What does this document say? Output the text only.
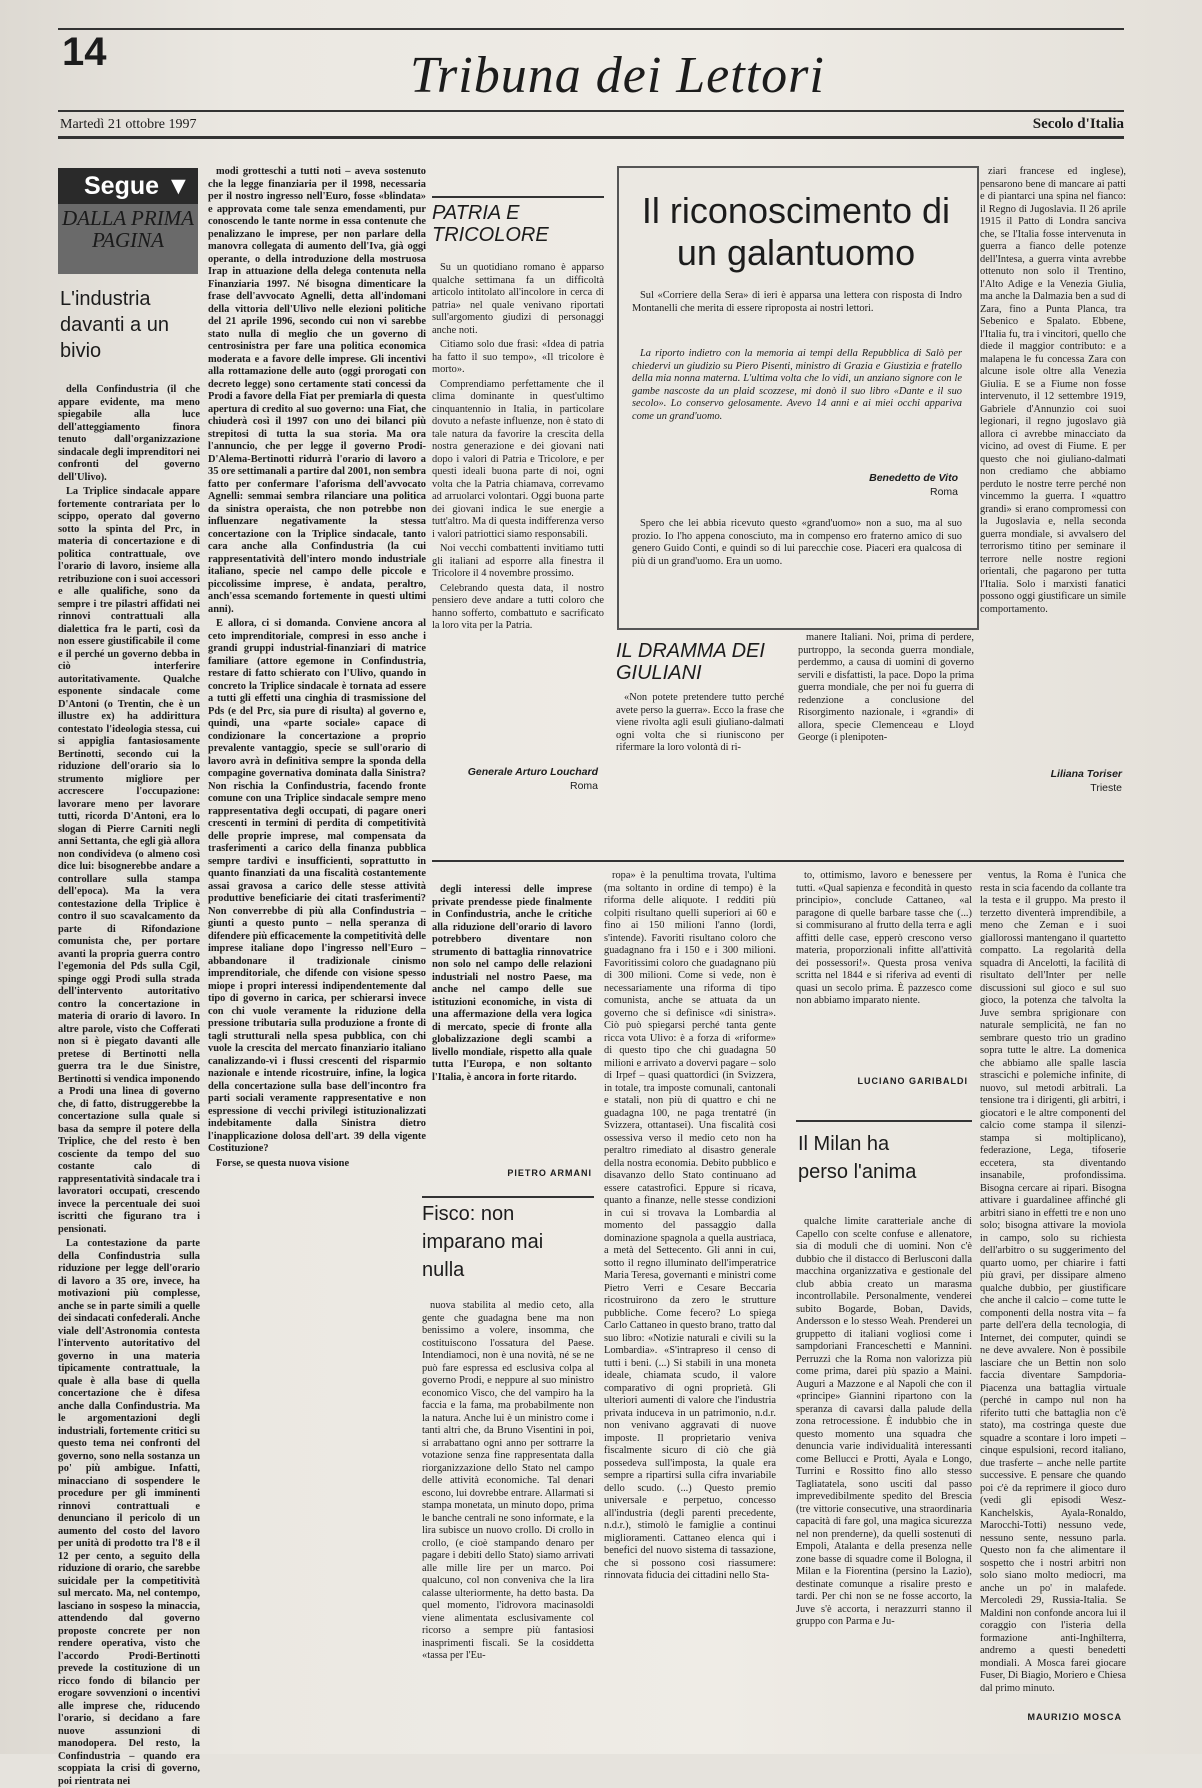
14	Tribuna dei Lettori
Martedì 21 ottobre 1997	Secolo d'Italia
Segue ▼
DALLA PRIMA PAGINA
L'industria davanti a un bivio

della Confindustria (il che appare evidente, ma meno spiegabile alla luce dell'atteggiamento finora tenuto dall'organizzazione sindacale degli imprenditori nei confronti del governo dell'Ulivo).

La Triplice sindacale appare fortemente contrariata per lo scippo, operato dal governo sotto la spinta del Prc, in materia di concertazione e di politica contrattuale, ove l'orario di lavoro, insieme alla retribuzione con i suoi accessori e alle qualifiche, sono da sempre i tre pilastri affidati nei rinnovi contrattuali alla dialettica fra le parti, così da non essere giustificabile il come e il perché un governo debba in ciò interferire autoritativamente. Qualche esponente sindacale come D'Antoni (o Trentin, che è un illustre ex) ha addirittura contestato l'ideologia stessa, cui si appiglia fantasiosamente Bertinotti, secondo cui la riduzione dell'orario sia lo strumento migliore per accrescere l'occupazione: lavorare meno per lavorare tutti, ricorda D'Antoni, era lo slogan di Pierre Carniti negli anni Settanta, che egli già allora non condivideva (o almeno così dice lui: bisognerebbe andare a controllare sulla stampa dell'epoca). Ma la vera contestazione della Triplice è contro il suo scavalcamento da parte di Rifondazione comunista che, per portare avanti la propria guerra contro l'egemonia del Pds sulla Cgil, spinge oggi Prodi sulla strada dell'intervento autoritativo contro la concertazione in materia di orario di lavoro. In altre parole, visto che Cofferati non si è piegato davanti alle pretese di Bertinotti nella guerra tra le due Sinistre, Bertinotti si vendica imponendo a Prodi una linea di governo che, di fatto, distruggerebbe la concertazione sulla quale si basa da sempre il potere della Triplice, che del resto è ben cosciente da tempo del suo costante calo di rappresentatività sindacale tra i lavoratori occupati, crescendo invece la percentuale dei suoi iscritti che figurano tra i pensionati.

La contestazione da parte della Confindustria sulla riduzione per legge dell'orario di lavoro a 35 ore, invece, ha motivazioni più complesse, anche se in parte simili a quelle dei sindacati confederali. Anche viale dell'Astronomia contesta l'intervento autoritativo del governo in una materia tipicamente contrattuale, la quale è alla base di quella concertazione che è difesa anche dalla Confindustria. Ma le argomentazioni degli industriali, fortemente critici su questo tema nei confronti del governo, sono nella sostanza un po' più ambigue. Infatti, minacciano di sospendere le procedure per gli imminenti rinnovi contrattuali e denunciano il pericolo di un aumento del costo del lavoro per unità di prodotto tra l'8 e il 12 per cento, a seguito della riduzione di orario, che sarebbe suicidale per la competitività sul mercato. Ma, nel contempo, lasciano in sospeso la minaccia, attendendo dal governo proposte concrete per non rendere operativa, visto che l'accordo Prodi-Bertinotti prevede la costituzione di un ricco fondo di bilancio per erogare sovvenzioni o incentivi alle imprese che, riducendo l'orario, si decidano a fare nuove assunzioni di manodopera. Del resto, la Confindustria – quando era scoppiata la crisi di governo, poi rientrata nei

modi grotteschi a tutti noti – aveva sostenuto che la legge finanziaria per il 1998, necessaria per il nostro ingresso nell'Euro, fosse «blindata» e approvata come tale senza emendamenti, pur conoscendo le tante norme in essa contenute che penalizzano le imprese, per non parlare della manovra collegata di aumento dell'Iva, già oggi operante, o della introduzione della mostruosa Irap in attuazione della delega contenuta nella Finanziaria 1997. Né bisogna dimenticare la frase dell'avvocato Agnelli, detta all'indomani della vittoria dell'Ulivo nelle elezioni politiche del 21 aprile 1996, secondo cui non vi sarebbe stato nulla di meglio che un governo di centrosinistra per fare una politica economica moderata e a favore delle imprese. Gli incentivi alla rottamazione delle auto (oggi prorogati con decreto legge) sono certamente stati concessi da Prodi a favore della Fiat per premiarla di questa apertura di credito al suo governo: una Fiat, che chiuderà così il 1997 con uno dei bilanci più strepitosi di tutta la sua storia. Ma ora l'annuncio, che per legge il governo Prodi-D'Alema-Bertinotti ridurrà l'orario di lavoro a 35 ore settimanali a partire dal 2001, non sembra fatto per confermare l'aforisma dell'avvocato Agnelli: semmai sembra rilanciare una politica da sinistra operaista, che non potrebbe non influenzare negativamente la stessa concertazione con la Triplice sindacale, tanto cara anche alla Confindustria (la cui rappresentatività dell'intero mondo industriale italiano, specie nel campo delle piccole e piccolissime imprese, è andata, peraltro, anch'essa scemando fortemente in questi ultimi anni).

E allora, ci si domanda. Conviene ancora al ceto imprenditoriale, compresi in esso anche i grandi gruppi industrial-finanziari di matrice familiare (attore egemone in Confindustria, restare di fatto schierato con l'Ulivo, quando in concreto la Triplice sindacale è tornata ad essere a tutti gli effetti una cinghia di trasmissione del Pds (e del Prc, sia pure di risulta) al governo e, quindi, una «parte sociale» capace di condizionare la concertazione a proprio prevalente vantaggio, specie se sull'orario di lavoro avrà in definitiva sempre la sponda della compagine governativa dominata dalla Sinistra? Non rischia la Confindustria, facendo fronte comune con una Triplice sindacale sempre meno rappresentativa degli occupati, di pagare oneri crescenti in termini di perdita di competitività delle proprie imprese, mal compensata da trasferimenti a carico della finanza pubblica sempre tardivi e insufficienti, soprattutto in quanto finanziati da una fiscalità costantemente assai gravosa a carico delle stesse attività produttive beneficiarie dei citati trasferimenti? Non converrebbe di più alla Confindustria – giunti a questo punto – nella speranza di difendere più efficacemente la competitività delle imprese italiane dopo l'ingresso nell'Euro – abbandonare il tradizionale cinismo imprenditoriale, che difende con visione spesso miope i propri interessi indipendentemente dal tipo di governo in carica, per schierarsi invece con chi vuole veramente la riduzione della pressione tributaria sulla produzione a fronte di tagli strutturali nella spesa pubblica, con chi vuole la crescita del mercato finanziario italiano canalizzando-vi i flussi crescenti del risparmio nazionale e intende ricostruire, infine, la logica della concertazione sulla base dell'incontro fra parti sociali veramente rappresentative e non espressione di vecchi privilegi istituzionalizzati indebitamente dalla Sinistra dietro l'inapplicazione dolosa dell'art. 39 della vigente Costituzione?

Forse, se questa nuova visione

degli interessi delle imprese private prendesse piede finalmente in Confindustria, anche le critiche alla riduzione dell'orario di lavoro potrebbero diventare non strumento di battaglia rinnovatrice non solo nel campo delle relazioni industriali nel nostro Paese, ma anche nel campo delle sue istituzioni economiche, in vista di una affermazione della vera logica di mercato, specie di fronte alla globalizzazione degli scambi a livello mondiale, rispetto alla quale tutta l'Europa, e non soltanto l'Italia, è ancora in forte ritardo.

PIETRO ARMANI
PATRIA E TRICOLORE

Su un quotidiano romano è apparso qualche settimana fa un difficoltà articolo intitolato all'incolore in cerca di patria» nel quale venivano riportati sull'argomento giudizi di personaggi anche noti.

Citiamo solo due frasi: «Idea di patria ha fatto il suo tempo», «Il tricolore è morto».

Comprendiamo perfettamente che il clima dominante in quest'ultimo cinquantennio in Italia, in particolare dovuto a nefaste influenze, non è stato di tale natura da favorire la crescita della nostra generazione e dei giovani nati dopo i valori di Patria e Tricolore, e per questi ideali buona parte di noi, ogni volta che la Patria chiamava, correvamo ad arruolarci volontari. Oggi buona parte dei giovani indica le sue energie a tutt'altro. Ma di questa indifferenza verso i valori patriottici siamo responsabili.

Noi vecchi combattenti invitiamo tutti gli italiani ad esporre alla finestra il Tricolore il 4 novembre prossimo.

Celebrando questa data, il nostro pensiero deve andare a tutti coloro che hanno sofferto, combattuto e sacrificato la loro vita per la Patria.

Generale Arturo Louchard
Roma
Il riconoscimento di un galantuomo

Sul «Corriere della Sera» di ieri è apparsa una lettera con risposta di Indro Montanelli che merita di essere riproposta ai nostri lettori.

La riporto indietro con la memoria ai tempi della Repubblica di Salò per chiedervi un giudizio su Piero Pisenti, ministro di Grazia e Giustizia e fratello della mia nonna materna. L'ultima volta che lo vidi, un anziano signore con le gambe nascoste da un plaid scozzese, mi donò il suo libro «Dante e il suo secolo». Lo conservo gelosamente. Avevo 14 anni e ai miei occhi appariva come un grand'uomo.

Benedetto de Vito
Roma

Spero che lei abbia ricevuto questo «grand'uomo» non a suo, ma al suo prozio. Io l'ho appena conosciuto, ma in compenso ero fraterno amico di suo genero Guido Conti, e quindi so di lui parecchie cose. Piaceri era qualcosa di più di un grand'uomo. Era un uomo.

IL DRAMMA DEI GIULIANI

«Non potete pretendere tutto perché avete perso la guerra». Ecco la frase che viene rivolta agli esuli giuliano-dalmati ogni volta che si riuniscono per rifermare la loro volontà di ri-

manere Italiani. Noi, prima di perdere, purtroppo, la seconda guerra mondiale, perdemmo, a causa di uomini di governo servili e disfattisti, la pace. Dopo la prima guerra mondiale, che per noi fu guerra di redenzione a conclusione del Risorgimento nazionale, i «grandi» di allora, specie Clemenceau e Lloyd George (i plenipoten-

ziari francese ed inglese), pensarono bene di mancare ai patti e di piantarci una spina nel fianco: il Regno di Jugoslavia. Il 26 aprile 1915 il Patto di Londra sanciva che, se l'Italia fosse intervenuta in guerra a fianco delle potenze dell'Intesa, a guerra vinta avrebbe ottenuto non solo il Trentino, l'Alto Adige e la Venezia Giulia, ma anche la Dalmazia ben a sud di Zara, fino a Punta Planca, tra Sebenico e Spalato. Ebbene, l'Italia fu, tra i vincitori, quello che diede il maggior contributo: e a malapena le fu concessa Zara con alcune isole oltre alla Venezia Giulia. E se a Fiume non fosse intervenuto, il 12 settembre 1919, Gabriele d'Annunzio coi suoi legionari, il regno jugoslavo già allora ci avrebbe minacciato da vicino, ad ovest di Fiume. E per questo che noi giuliano-dalmati non crediamo che abbiamo perduto le nostre terre perché non vincemmo la guerra. I «quattro grandi» si erano compromessi con la Jugoslavia e, nella seconda guerra mondiale, si avvalsero del terrorismo titino per seminare il terrore nelle nostre regioni orientali, che pagarono per tutta l'Italia. Solo i marxisti fanatici possono oggi giustificare un simile comportamento.

Liliana Toriser
Trieste
Fisco: non imparano mai nulla

nuova stabilita al medio ceto, alla gente che guadagna bene ma non benissimo a volere, insomma, che costituiscono l'ossatura del Paese. Intendiamoci, non è una novità, né se ne può fare espressa ed esclusiva colpa al governo Prodi, e neppure al suo ministro economico Visco, che del vampiro ha la faccia e la fama, ma probabilmente non la natura. Anche lui è un ministro come i tanti altri che, da Bruno Visentini in poi, si arrabattano ogni anno per sottrarre la votazione senza fine rappresentata dalla riorganizzazione dello Stato nel campo delle attività economiche. Tal denari escono, lui dovrebbe entrare. Allarmati si stampa monetata, un minuto dopo, prima le banche centrali ne sono informate, e la lira subisce un nuovo crollo. Di crollo in crollo, (e cioè stampando denaro per pagare i debiti dello Stato) siamo arrivati alle mille lire per un marco. Poi qualcuno, col non conveniva che la lira calasse ulteriormente, ha detto basta. Da quel momento, l'idrovora macinasoldi viene alimentata esclusivamente col ricorso a sempre più fantasiosi inasprimenti fiscali. Se la cosiddetta «tassa per l'Eu-

ropa» è la penultima trovata, l'ultima (ma soltanto in ordine di tempo) è la riforma delle aliquote. I redditi più colpiti risultano quelli superiori ai 60 e fino ai 150 milioni l'anno (lordi, s'intende). Favoriti risultano coloro che guadagnano fra i 150 e i 300 milioni. Favoritissimi coloro che guadagnano più di 300 milioni. Come si vede, non è necessariamente una riforma di tipo comunista, anche se attuata da un governo che si definisce «di sinistra». Ciò può spiegarsi perché tanta gente ricca vota Ulivo: è a forza di «riforme» di questo tipo che chi guadagna 50 milioni e arrivato a dovervi pagare – solo di Irpef – quasi quattordici (in Svizzera, in totale, tra imposte comunali, cantonali e statali, non più di quattro e chi ne guadagna 100, ne paga trentatré (in Svizzera, ottantasei). Una fiscalità così ossessiva verso il medio ceto non ha peraltro rimediato al disastro generale della nostra economia. Debito pubblico e disavanzo dello Stato continuano ad essere catastrofici. Eppure si ricava, quanto a finanze, nelle stesse condizioni in cui si trovava la Lombardia al momento del passaggio dalla dominazione spagnola a quella austriaca, a metà del Settecento. Gli anni in cui, sotto il regno illuminato dell'imperatrice Maria Teresa, governanti e ministri come Pietro Verri e Cesare Beccaria ricostruirono da zero le strutture pubbliche. Come fecero? Lo spiega Carlo Cattaneo in questo brano, tratto dal suo libro: «Notizie naturali e civili su la Lombardia». «S'intrapreso il censo di tutti i beni. (...) Si stabilì in una moneta ideale, chiamata scudo, il valore comparativo di ogni proprietà. Gli ulteriori aumenti di valore che l'industria privata induceva in un patrimonio, n.d.r. non venivano aggravati di nuove imposte. Il proprietario veniva fiscalmente sicuro di ciò che già possedeva sull'imposta, la quale era sempre a ripartirsi sulla cifra invariabile dello scudo. (...) Questo premio universale e perpetuo, concesso all'industria (degli parenti precedente, n.d.r.), stimolò le famiglie a continui miglioramenti. Cattaneo elenca qui i benefici del nuovo sistema di tassazione, che si possono così riassumere: rinnovata fiducia dei cittadini nello Sta-

to, ottimismo, lavoro e benessere per tutti. «Qual sapienza e fecondità in questo principio», conclude Cattaneo, «al paragone di quelle barbare tasse che (...) si commisurano al frutto della terra e agli affitti delle case, epperò crescono verso materia, proporzionali infitte all'attività dei possessori!». Questa prosa veniva scritta nel 1844 e si riferiva ad eventi di quasi un secolo prima. È pazzesco come non abbiamo imparato niente.

LUCIANO GARIBALDI
Il Milan ha perso l'anima

qualche limite caratteriale anche di Capello con scelte confuse e allenatore, sia di moduli che di uomini. Non c'è dubbio che il distacco di Berlusconi dalla macchina organizzativa e gestionale del club abbia creato un marasma incontrollabile. Personalmente, venderei subito Bogarde, Boban, Davids, Andersson e lo stesso Weah. Prenderei un gruppetto di italiani vogliosi come i sampdoriani Franceschetti e Mannini. Perruzzi che la Roma non valorizza più come prima, darei più spazio a Maini. Auguri a Mazzone e al Napoli che con il «principe» Giannini ripartono con la speranza di cavarsi dalla palude della zona retrocessione. È indubbio che in questo momento una squadra che denuncia varie individualità interessanti come Bellucci e Protti, Ayala e Longo, Turrini e Rossitto fino allo stesso Tagliatatela, sono usciti dal passo imprevedibilmente spedito del Brescia (tre vittorie consecutive, una straordinaria capacità di fare gol, una magica sicurezza nel non prenderne), da quelli sostenuti di Empoli, Atalanta e della presenza nelle zone basse di squadre come il Bologna, il Milan e la Fiorentina (persino la Lazio), destinate comunque a risalire presto e tardi. Per chi non se ne fosse accorto, la Juve s'è accorta, i nerazzurri stanno il gruppo con Parma e Ju-

ventus, la Roma è l'unica che resta in scia facendo da collante tra la testa e il gruppo. Ma presto il terzetto diventerà imprendibile, a meno che Zeman e i suoi giallorossi mantengano il quartetto compatto. La regolarità della squadra di Ancelotti, la facilità di risultato dell'Inter per nelle discussioni sul gioco e sul suo gioco, la potenza che talvolta la Juve sembra sprigionare con naturale semplicità, ne fan no sembrare questo trio un gradino sopra tutte le altre. La domenica che abbiamo alle spalle lascia strascichi e polemiche infinite, di nuovo, sul metodi arbitrali. La tensione tra i dirigenti, gli arbitri, i giocatori e le altre componenti del calcio come stampa il silenzi-stampa si moltiplicano), federazione, Lega, tifoserie eccetera, sta diventando insanabile, profondissima. Bisogna cercare ai ripari. Bisogna attivare i guardalinee affinché gli arbitri siano in effetti tre e non uno solo; bisogna attivare la moviola in campo, solo su richiesta dell'arbitro o su suggerimento del quarto uomo, per chiarire i fatti più gravi, per dissipare almeno qualche dubbio, per giustificare che anche il calcio – come tutte le componenti della nostra vita – fa parte dell'era della tecnologia, di Internet, dei computer, quindi se ne deve avvalere. Non è possibile lasciare che un Bettin non solo faccia diventare Sampdoria-Piacenza una battaglia virtuale (perché in campo nul non ha riferito tutti che battaglia non c'è stato), ma costringa queste due squadre a scontare i loro impeti – cinque espulsioni, record italiano, due trasferte – anche nelle partite successive. E pensare che quando poi c'è da reprimere il gioco duro (vedi gli episodi Wesz-Kanchelskis, Ayala-Ronaldo, Marocchi-Totti) nessuno vede, nessuno sente, nessuno parla. Questo non fa che alimentare il sospetto che i nostri arbitri non solo siano molto mediocri, ma anche un po' in malafede. Mercoledì 29, Russia-Italia. Se Maldini non confonde ancora lui il coraggio con l'isteria della formazione anti-Inghilterra, andremo a questi benedetti mondiali. A Mosca farei giocare Fuser, Di Biagio, Moriero e Chiesa dal primo minuto.

MAURIZIO MOSCA
